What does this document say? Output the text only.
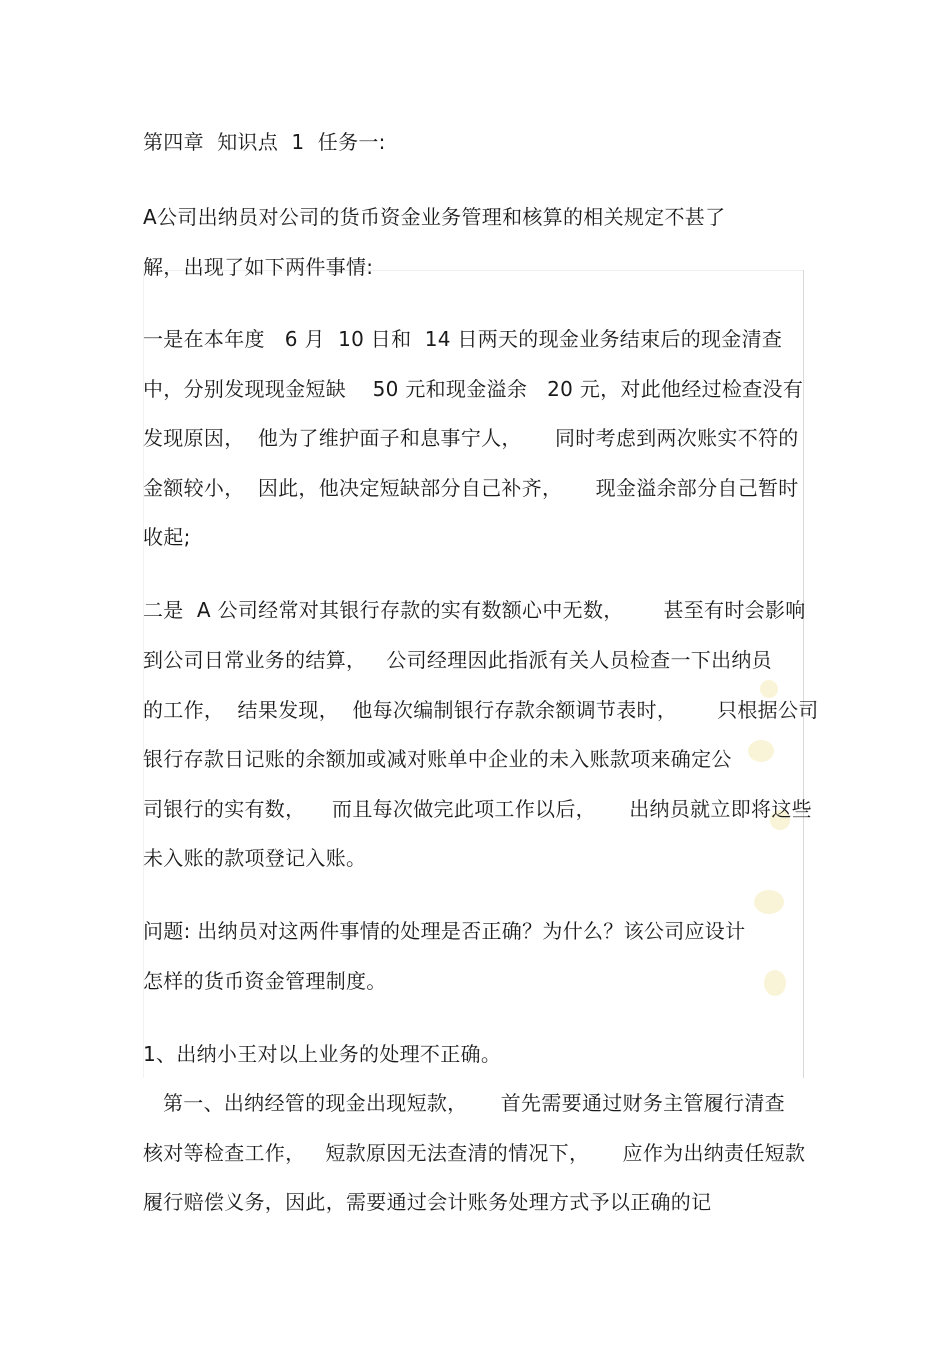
第四章  知识点  1  任务一:

A公司出纳员对公司的货币资金业务管理和核算的相关规定不甚了

解，出现了如下两件事情:

一是在本年度   6 月  10 日和  14 日两天的现金业务结束后的现金清查

中，分别发现现金短缺    50 元和现金溢余   20 元，对此他经过检查没有

发现原因，  他为了维护面子和息事宁人，     同时考虑到两次账实不符的

金额较小，  因此，他决定短缺部分自己补齐，     现金溢余部分自己暂时

收起;

二是  A 公司经常对其银行存款的实有数额心中无数，      甚至有时会影响

到公司日常业务的结算，   公司经理因此指派有关人员检查一下出纳员

的工作，  结果发现，  他每次编制银行存款余额调节表时，      只根据公司

银行存款日记账的余额加或减对账单中企业的未入账款项来确定公

司银行的实有数，    而且每次做完此项工作以后，     出纳员就立即将这些

未入账的款项登记入账。

问题: 出纳员对这两件事情的处理是否正确？为什么？该公司应设计

怎样的货币资金管理制度。

1、出纳小王对以上业务的处理不正确。

第一、出纳经管的现金出现短款，     首先需要通过财务主管履行清查

核对等检查工作，   短款原因无法查清的情况下，     应作为出纳责任短款

履行赔偿义务，因此，需要通过会计账务处理方式予以正确的记
